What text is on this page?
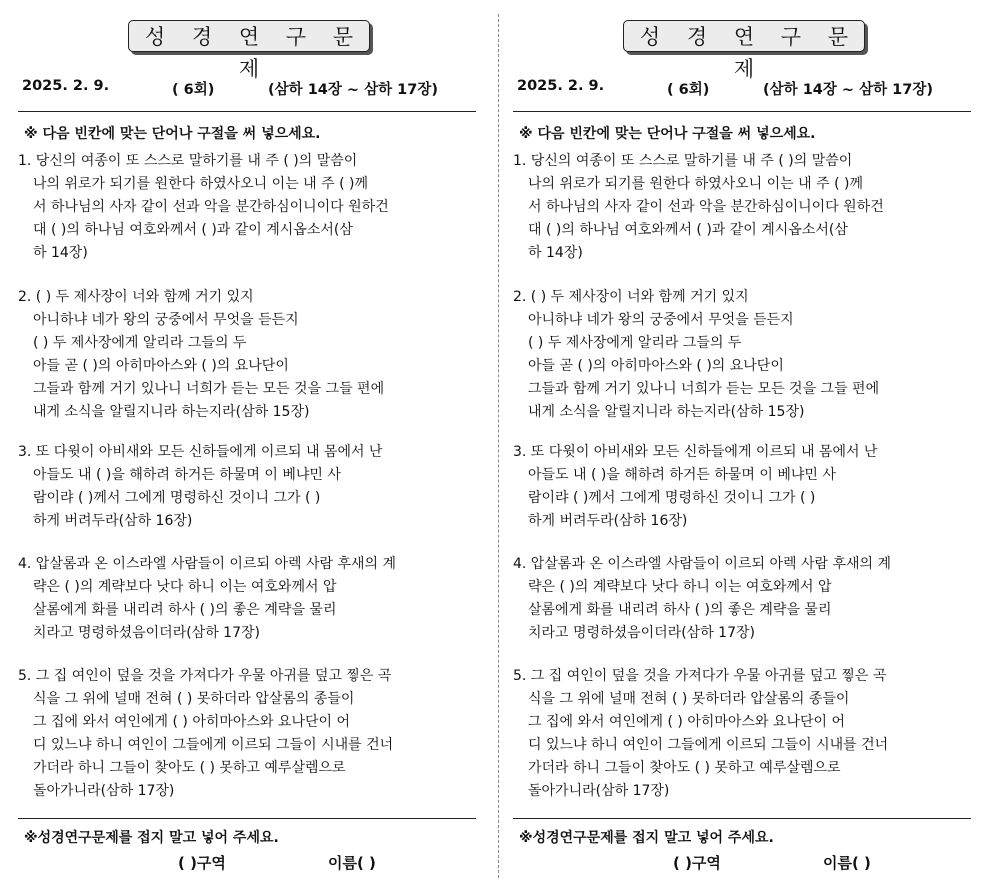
성 경 연 구 문 제
2025. 2. 9.	( 6회)	(삼하 14장 ~ 삼하 17장)
※ 다음 빈칸에 맞는 단어나 구절을 써 넣으세요.
1. 당신의 여종이 또 스스로 말하기를 내 주 ( )의 말씀이
나의 위로가 되기를 원한다 하였사오니 이는 내 주 ( )께
서 하나님의 사자 같이 선과 악을 분간하심이니이다 원하건
대 ( )의 하나님 여호와께서 ( )과 같이 계시옵소서(삼
하 14장)
2. ( ) 두 제사장이 너와 함께 거기 있지
아니하냐 네가 왕의 궁중에서 무엇을 듣든지
( ) 두 제사장에게 알리라 그들의 두
아들 곧 ( )의 아히마아스와 ( )의 요나단이
그들과 함께 거기 있나니 너희가 듣는 모든 것을 그들 편에
내게 소식을 알릴지니라 하는지라(삼하 15장)
3. 또 다윗이 아비새와 모든 신하들에게 이르되 내 몸에서 난
아들도 내 ( )을 해하려 하거든 하물며 이 베냐민 사
람이랴 ( )께서 그에게 명령하신 것이니 그가 ( )
하게 버려두라(삼하 16장)
4. 압살롬과 온 이스라엘 사람들이 이르되 아렉 사람 후새의 계
략은 ( )의 계략보다 낫다 하니 이는 여호와께서 압
살롬에게 화를 내리려 하사 ( )의 좋은 계략을 물리
치라고 명령하셨음이더라(삼하 17장)
5. 그 집 여인이 덮을 것을 가져다가 우물 아귀를 덮고 찧은 곡
식을 그 위에 널매 전혀 ( ) 못하더라 압살롬의 종들이
그 집에 와서 여인에게 ( ) 아히마아스와 요나단이 어
디 있느냐 하니 여인이 그들에게 이르되 그들이 시내를 건너
가더라 하니 그들이 찾아도 ( ) 못하고 예루살렘으로
돌아가니라(삼하 17장)
※성경연구문제를 접지 말고 넣어 주세요.
( )구역	이름( )
성 경 연 구 문 제
2025. 2. 9.	( 6회)	(삼하 14장 ~ 삼하 17장)
※ 다음 빈칸에 맞는 단어나 구절을 써 넣으세요.
1. 당신의 여종이 또 스스로 말하기를 내 주 ( )의 말씀이
나의 위로가 되기를 원한다 하였사오니 이는 내 주 ( )께
서 하나님의 사자 같이 선과 악을 분간하심이니이다 원하건
대 ( )의 하나님 여호와께서 ( )과 같이 계시옵소서(삼
하 14장)
2. ( ) 두 제사장이 너와 함께 거기 있지
아니하냐 네가 왕의 궁중에서 무엇을 듣든지
( ) 두 제사장에게 알리라 그들의 두
아들 곧 ( )의 아히마아스와 ( )의 요나단이
그들과 함께 거기 있나니 너희가 듣는 모든 것을 그들 편에
내게 소식을 알릴지니라 하는지라(삼하 15장)
3. 또 다윗이 아비새와 모든 신하들에게 이르되 내 몸에서 난
아들도 내 ( )을 해하려 하거든 하물며 이 베냐민 사
람이랴 ( )께서 그에게 명령하신 것이니 그가 ( )
하게 버려두라(삼하 16장)
4. 압살롬과 온 이스라엘 사람들이 이르되 아렉 사람 후새의 계
략은 ( )의 계략보다 낫다 하니 이는 여호와께서 압
살롬에게 화를 내리려 하사 ( )의 좋은 계략을 물리
치라고 명령하셨음이더라(삼하 17장)
5. 그 집 여인이 덮을 것을 가져다가 우물 아귀를 덮고 찧은 곡
식을 그 위에 널매 전혀 ( ) 못하더라 압살롬의 종들이
그 집에 와서 여인에게 ( ) 아히마아스와 요나단이 어
디 있느냐 하니 여인이 그들에게 이르되 그들이 시내를 건너
가더라 하니 그들이 찾아도 ( ) 못하고 예루살렘으로
돌아가니라(삼하 17장)
※성경연구문제를 접지 말고 넣어 주세요.
( )구역	이름( )
